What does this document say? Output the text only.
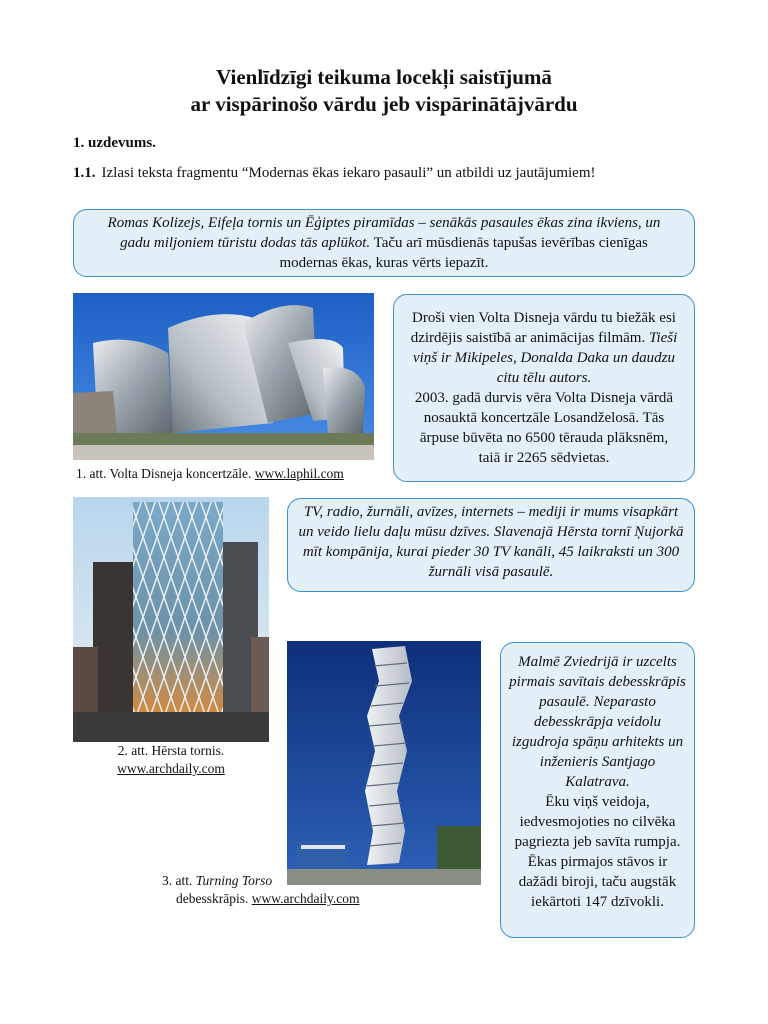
Vienlīdzīgi teikuma locekļi saistījumā
ar vispārinošo vārdu jeb vispārinātājvārdu
1. uzdevums.
1.1. Izlasi teksta fragmentu “Modernas ēkas iekaro pasauli” un atbildi uz jautājumiem!
Romas Kolizejs, Eifeļa tornis un Ēģiptes piramīdas – senākās pasaules ēkas zina ikviens, un gadu miljoniem tūristu dodas tās aplūkot. Taču arī mūsdienās tapušas ievērības cienīgas modernas ēkas, kuras vērts iepazīt.
1. att. Volta Disneja koncertzāle. www.laphil.com
Droši vien Volta Disneja vārdu tu biežāk esi dzirdējis saistībā ar animācijas filmām. Tieši viņš ir Mikipeles, Donalda Daka un daudzu citu tēlu autors.
2003. gadā durvis vēra Volta Disneja vārdā nosauktā koncertzāle Losandželosā. Tās ārpuse būvēta no 6500 tērauda plāksnēm, taiā ir 2265 sēdvietas.
2. att. Hērsta tornis.
www.archdaily.com
TV, radio, žurnāli, avīzes, internets – mediji ir mums visapkārt un veido lielu daļu mūsu dzīves. Slavenajā Hērsta tornī Ņujorkā mīt kompānija, kurai pieder 30 TV kanāli, 45 laikraksti un 300 žurnāli visā pasaulē.
3. att. Turning Torso
debesskrāpis. www.archdaily.com
Malmē Zviedrijā ir uzcelts pirmais savītais debesskrāpis pasaulē. Neparasto debesskrāpja veidolu izgudroja spāņu arhitekts un inženieris Santjago Kalatrava.
Ēku viņš veidoja, iedvesmojoties no cilvēka pagriezta jeb savīta rumpja. Ēkas pirmajos stāvos ir dažādi biroji, taču augstāk iekārtoti 147 dzīvokli.
